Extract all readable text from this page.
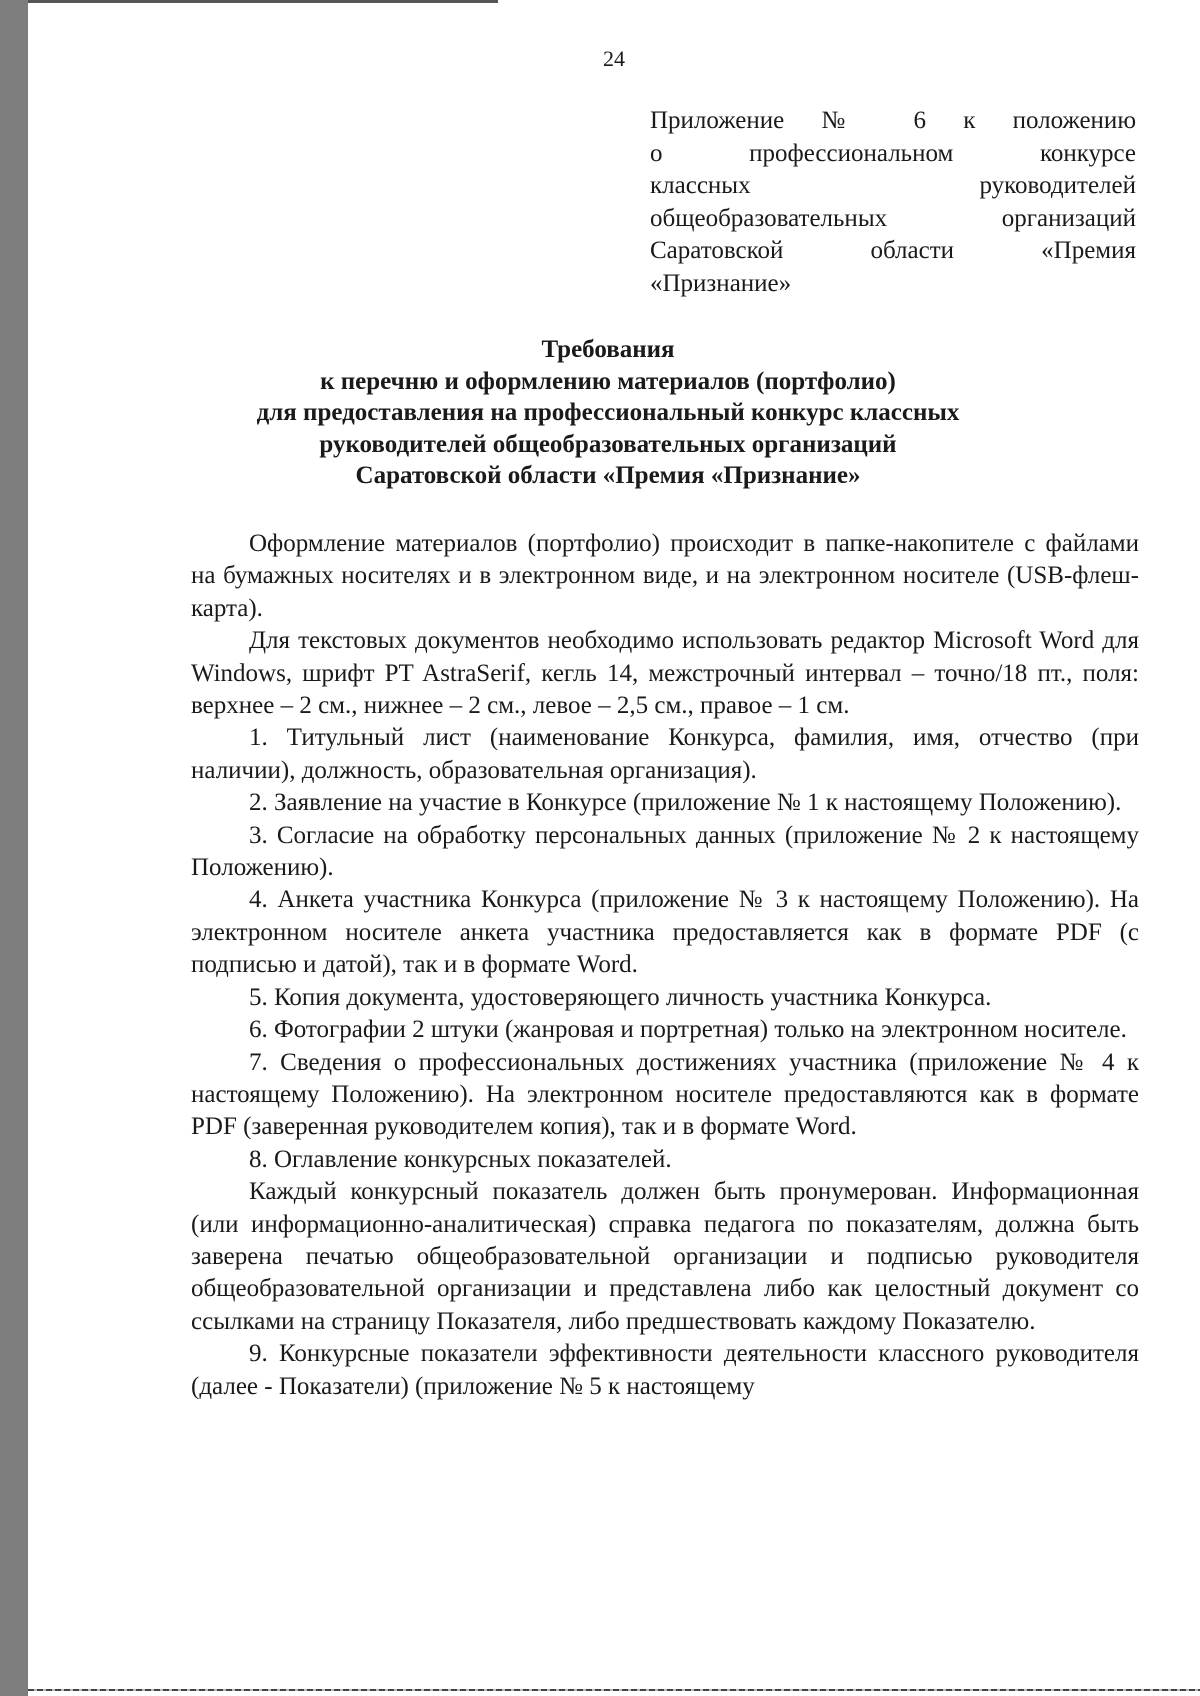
24
Приложение № 6 к положению
о профессиональном конкурсе
классных руководителей
общеобразовательных организаций
Саратовской области «Премия
«Признание»
Требования
к перечню и оформлению материалов (портфолио)
для предоставления на профессиональный конкурс классных
руководителей общеобразовательных организаций
Саратовской области «Премия «Признание»

Оформление материалов (портфолио) происходит в папке-накопителе с файлами на бумажных носителях и в электронном виде, и на электронном носителе (USB-флеш-карта).

Для текстовых документов необходимо использовать редактор Microsoft Word для Windows, шрифт PT AstraSerif, кегль 14, межстрочный интервал – точно/18 пт., поля: верхнее – 2 см., нижнее – 2 см., левое – 2,5 см., правое – 1 см.

1. Титульный лист (наименование Конкурса, фамилия, имя, отчество (при наличии), должность, образовательная организация).

2. Заявление на участие в Конкурсе (приложение № 1 к настоящему Положению).

3. Согласие на обработку персональных данных (приложение № 2 к настоящему Положению).

4. Анкета участника Конкурса (приложение № 3 к настоящему Положению). На электронном носителе анкета участника предоставляется как в формате PDF (с подписью и датой), так и в формате Word.

5. Копия документа, удостоверяющего личность участника Конкурса.

6. Фотографии 2 штуки (жанровая и портретная) только на электронном носителе.

7. Сведения о профессиональных достижениях участника (приложение № 4 к настоящему Положению). На электронном носителе предоставляются как в формате PDF (заверенная руководителем копия), так и в формате Word.

8. Оглавление конкурсных показателей.

Каждый конкурсный показатель должен быть пронумерован. Информационная (или информационно-аналитическая) справка педагога по показателям, должна быть заверена печатью общеобразовательной организации и подписью руководителя общеобразовательной организации и представлена либо как целостный документ со ссылками на страницу Показателя, либо предшествовать каждому Показателю.

9. Конкурсные показатели эффективности деятельности классного руководителя (далее - Показатели) (приложение № 5 к настоящему
